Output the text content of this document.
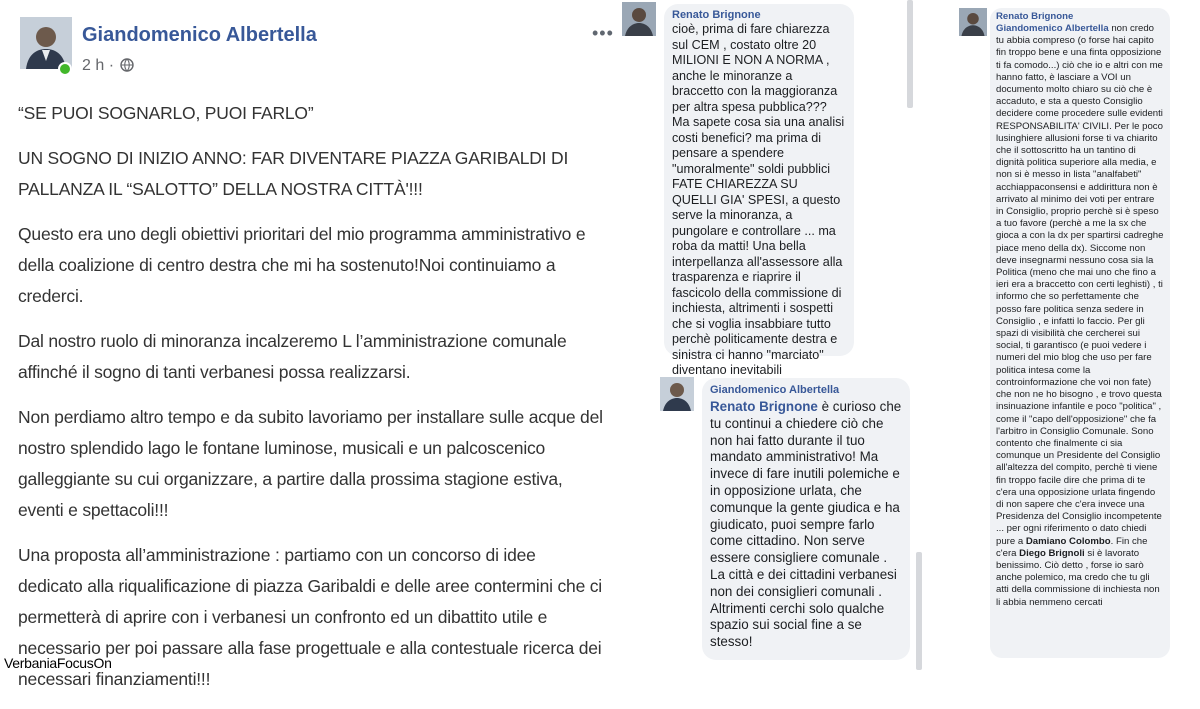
Giandomenico Albertella
2 h ·
•••

“SE PUOI SOGNARLO, PUOI FARLO”

UN SOGNO DI INIZIO ANNO: FAR DIVENTARE PIAZZA GARIBALDI DI PALLANZA IL “SALOTTO” DELLA NOSTRA CITTÀ'!!!

Questo era uno degli obiettivi prioritari del mio programma amministrativo e della coalizione di centro destra che mi ha sostenuto!Noi continuiamo a crederci.

Dal nostro ruolo di minoranza incalzeremo L l’amministrazione comunale affinché il sogno di tanti verbanesi possa realizzarsi.

Non perdiamo altro tempo e da subito lavoriamo per installare sulle acque del nostro splendido lago le fontane luminose, musicali e un palcoscenico galleggiante su cui organizzare, a partire dalla prossima stagione estiva, eventi e spettacoli!!!

Una proposta all’amministrazione : partiamo con un concorso di idee dedicato alla riqualificazione di piazza Garibaldi e delle aree contermini che ci permetterà di aprire con i verbanesi un confronto ed un dibattito utile e necessario per poi passare alla fase progettuale e alla contestuale ricerca dei necessari finanziamenti!!!

VerbaniaFocusOn
Renato Brignone
cioè, prima di fare chiarezza sul CEM , costato oltre 20 MILIONI E NON A NORMA , anche le minoranze a braccetto con la maggioranza per altra spesa pubblica??? Ma sapete cosa sia una analisi costi benefici? ma prima di pensare a spendere "umoralmente" soldi pubblici FATE CHIAREZZA SU QUELLI GIA' SPESI, a questo serve la minoranza, a pungolare e controllare ... ma roba da matti! Una bella interpellanza all'assessore alla trasparenza e riaprire il fascicolo della commissione di inchiesta, altrimenti i sospetti che si voglia insabbiare tutto perchè politicamente destra e sinistra ci hanno "marciato" diventano inevitabili
Giandomenico Albertella
Renato Brignone è curioso che tu continui a chiedere ciò che non hai fatto durante il tuo mandato amministrativo! Ma invece di fare inutili polemiche e in opposizione urlata, che comunque la gente giudica e ha giudicato, puoi sempre farlo come cittadino. Non serve essere consigliere comunale . La città e dei cittadini verbanesi non dei consiglieri comunali . Altrimenti cerchi solo qualche spazio sui social fine a se stesso!
Renato Brignone
Giandomenico Albertella non credo tu abbia compreso (o forse hai capito fin troppo bene e una finta opposizione ti fa comodo...) ciò che io e altri con me hanno fatto, è lasciare a VOI un documento molto chiaro su ciò che è accaduto, e sta a questo Consiglio decidere come procedere sulle evidenti RESPONSABILITA' CIVILI. Per le poco lusinghiere allusioni forse ti va chiarito che il sottoscritto ha un tantino di dignità politica superiore alla media, e non si è messo in lista "analfabeti" acchiappaconsensi e addirittura non è arrivato al minimo dei voti per entrare in Consiglio, proprio perchè si è speso a tuo favore (perchè a me la sx che gioca a con la dx per spartirsi cadreghe piace meno della dx). Siccome non deve insegnarmi nessuno cosa sia la Politica (meno che mai uno che fino a ieri era a braccetto con certi leghisti) , ti informo che so perfettamente che posso fare politica senza sedere in Consiglio , e infatti lo faccio. Per gli spazi di visibilità che cercherei sui social, ti garantisco (e puoi vedere i numeri del mio blog che uso per fare politica intesa come la controinformazione che voi non fate) che non ne ho bisogno , e trovo questa insinuazione infantile e poco "politica" , come il "capo dell'opposizione" che fa l'arbitro in Consiglio Comunale. Sono contento che finalmente ci sia comunque un Presidente del Consiglio all'altezza del compito, perchè ti viene fin troppo facile dire che prima di te c'era una opposizione urlata fingendo di non sapere che c'era invece una Presidenza del Consiglio incompetente ... per ogni riferimento o dato chiedi pure a Damiano Colombo. Fin che c'era Diego Brignoli si è lavorato benissimo. Ciò detto , forse io sarò anche polemico, ma credo che tu gli atti della commissione di inchiesta non li abbia nemmeno cercati
